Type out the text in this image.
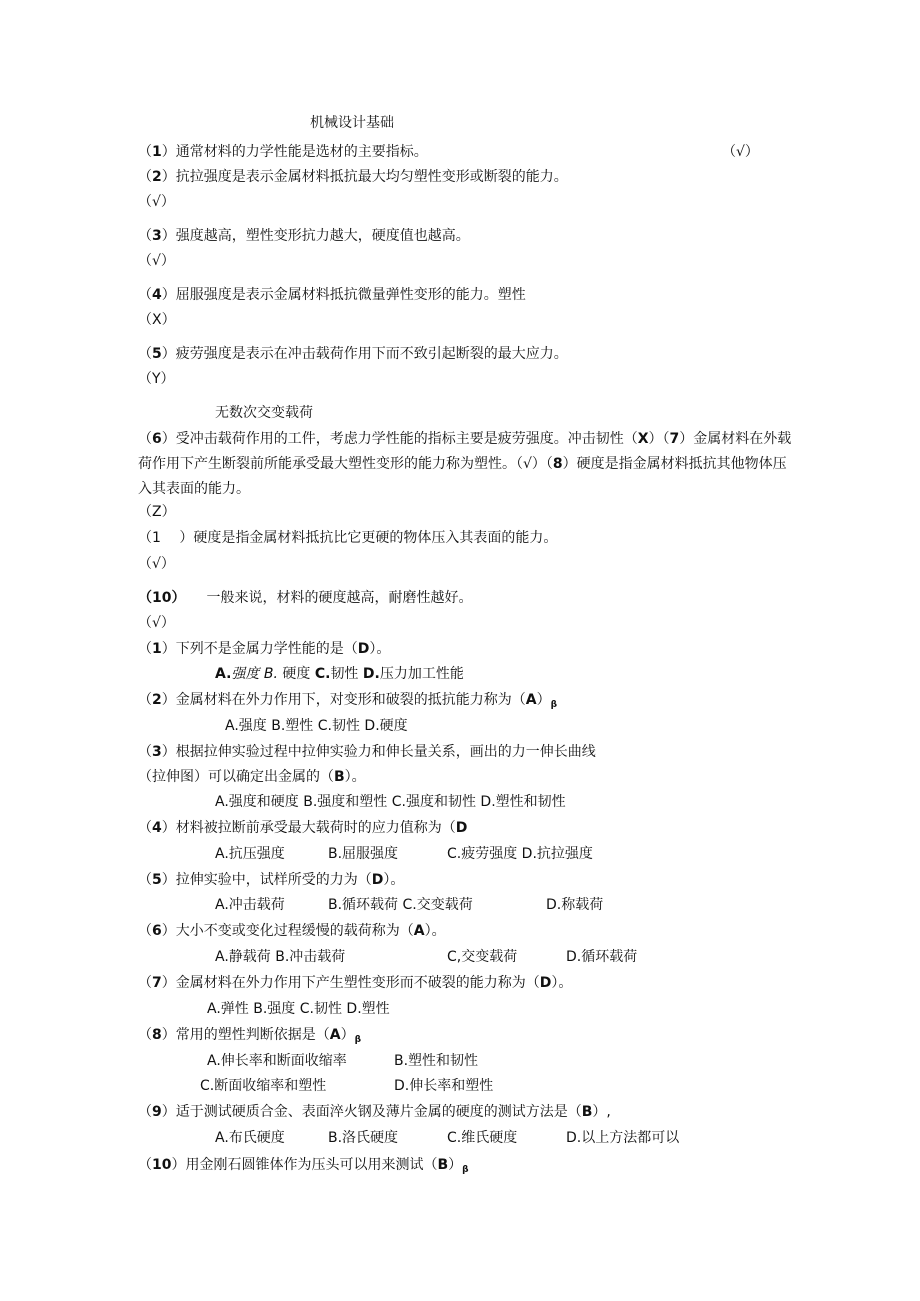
机械设计基础
（1）通常材料的力学性能是选材的主要指标。	（√）
（2）抗拉强度是表示金属材料抵抗最大均匀塑性变形或断裂的能力。
（√）
（3）强度越高，塑性变形抗力越大，硬度值也越高。
（√）
（4）屈服强度是表示金属材料抵抗微量弹性变形的能力。塑性
（X）
（5）疲劳强度是表示在冲击载荷作用下而不致引起断裂的最大应力。
（Y）
无数次交变载荷
（6）受冲击载荷作用的工件，考虑力学性能的指标主要是疲劳强度。冲击韧性（X）（7）金属材料在外载荷作用下产生断裂前所能承受最大塑性变形的能力称为塑性。（√）（8）硬度是指金属材料抵抗其他物体压入其表面的能力。
（Z）
（1　 ）硬度是指金属材料抵抗比它更硬的物体压入其表面的能力。
（√）
（10）　　 一般来说，材料的硬度越高，耐磨性越好。
（√）
（1）下列不是金属力学性能的是（D）。
A.强度 B. 硬度 C.韧性 D.压力加工性能
（2）金属材料在外力作用下，对变形和破裂的抵抗能力称为$(A)_\beta$
A.强度 B.塑性 C.韧性 D.硬度
（3）根据拉伸实验过程中拉伸实验力和伸长量关系，画出的力一伸长曲线
（拉伸图）可以确定出金属的（B）。
A.强度和硬度 B.强度和塑性 C.强度和韧性 D.塑性和韧性
（4）材料被拉断前承受最大载荷时的应力值称为（D
A.抗压强度	B.屈服强度	C.疲劳强度 D.抗拉强度
（5）拉伸实验中，试样所受的力为（D）。
A.冲击载荷	B.循环载荷 C.交变载荷	D.称载荷
（6）大小不变或变化过程缓慢的载荷称为（A）。
A.静载荷 B.冲击载荷	C,交变载荷	D.循环载荷
（7）金属材料在外力作用下产生塑性变形而不破裂的能力称为（D）。
A.弹性 B.强度 C.韧性 D.塑性
（8）常用的塑性判断依据是$(A)_\beta$
A.伸长率和断面收缩率	B.塑性和韧性
C.断面收缩率和塑性	D.伸长率和塑性
（9）适于测试硬质合金、表面淬火钢及薄片金属的硬度的测试方法是（B）,
A.布氏硬度	B.洛氏硬度	C.维氏硬度	D.以上方法都可以
（10）用金刚石圆锥体作为压头可以用来测试$(B)_\beta$
